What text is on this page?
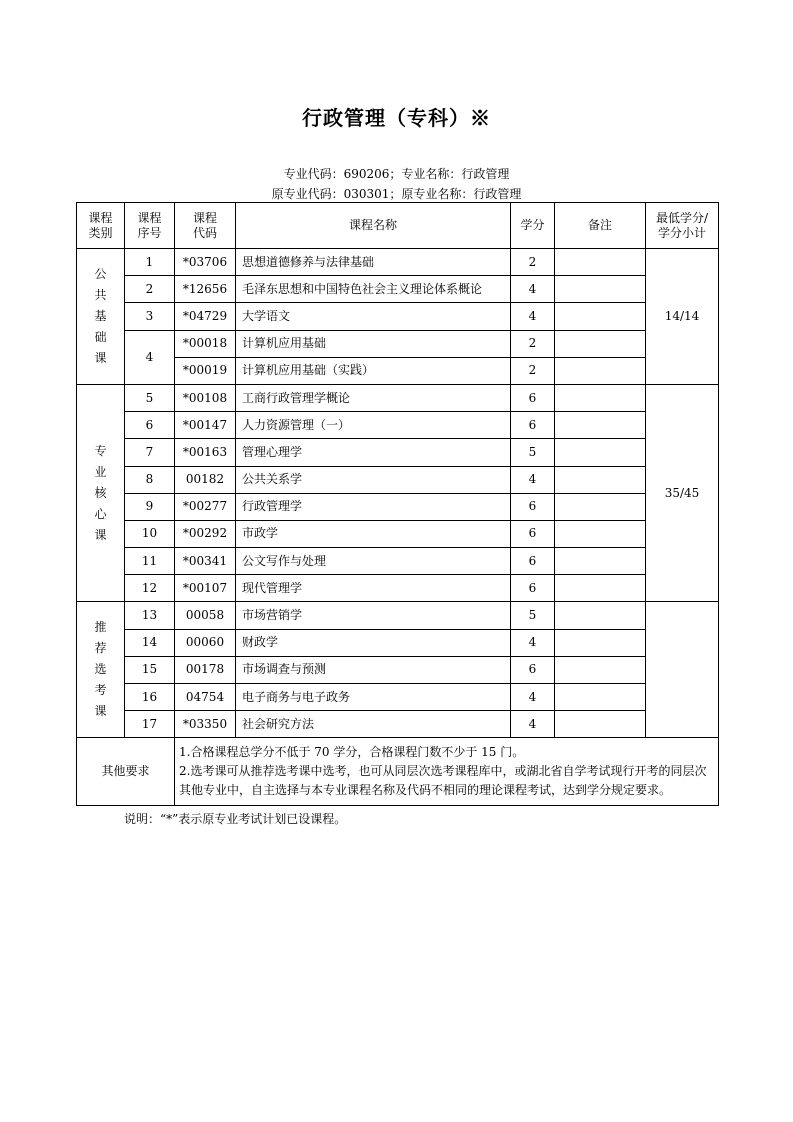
行政管理（专科）※
专业代码：690206；专业名称：行政管理
原专业代码：030301；原专业名称：行政管理
课程类别	课程序号	课程代码	课程名称	学分	备注	最低学分/学分小计
公共基础课	1	*03706	思想道德修养与法律基础	2		14/14
	2	*12656	毛泽东思想和中国特色社会主义理论体系概论	4		
	3	*04729	大学语文	4		
	4	*00018	计算机应用基础	2		
		*00019	计算机应用基础（实践）	2		
专业核心课	5	*00108	工商行政管理学概论	6		35/45
	6	*00147	人力资源管理（一）	6		
	7	*00163	管理心理学	5		
	8	00182	公共关系学	4		
	9	*00277	行政管理学	6		
	10	*00292	市政学	6		
	11	*00341	公文写作与处理	6		
	12	*00107	现代管理学	6		
推荐选考课	13	00058	市场营销学	5		
	14	00060	财政学	4		
	15	00178	市场调查与预测	6		
	16	04754	电子商务与电子政务	4		
	17	*03350	社会研究方法	4		
其他要求		1.合格课程总学分不低于 70 学分，合格课程门数不少于 15 门。
2.选考课可从推荐选考课中选考，也可从同层次选考课程库中，或湖北省自学考试现行开考的同层次其他专业中，自主选择与本专业课程名称及代码不相同的理论课程考试，达到学分规定要求。				
说明：“*”表示原专业考试计划已设课程。
